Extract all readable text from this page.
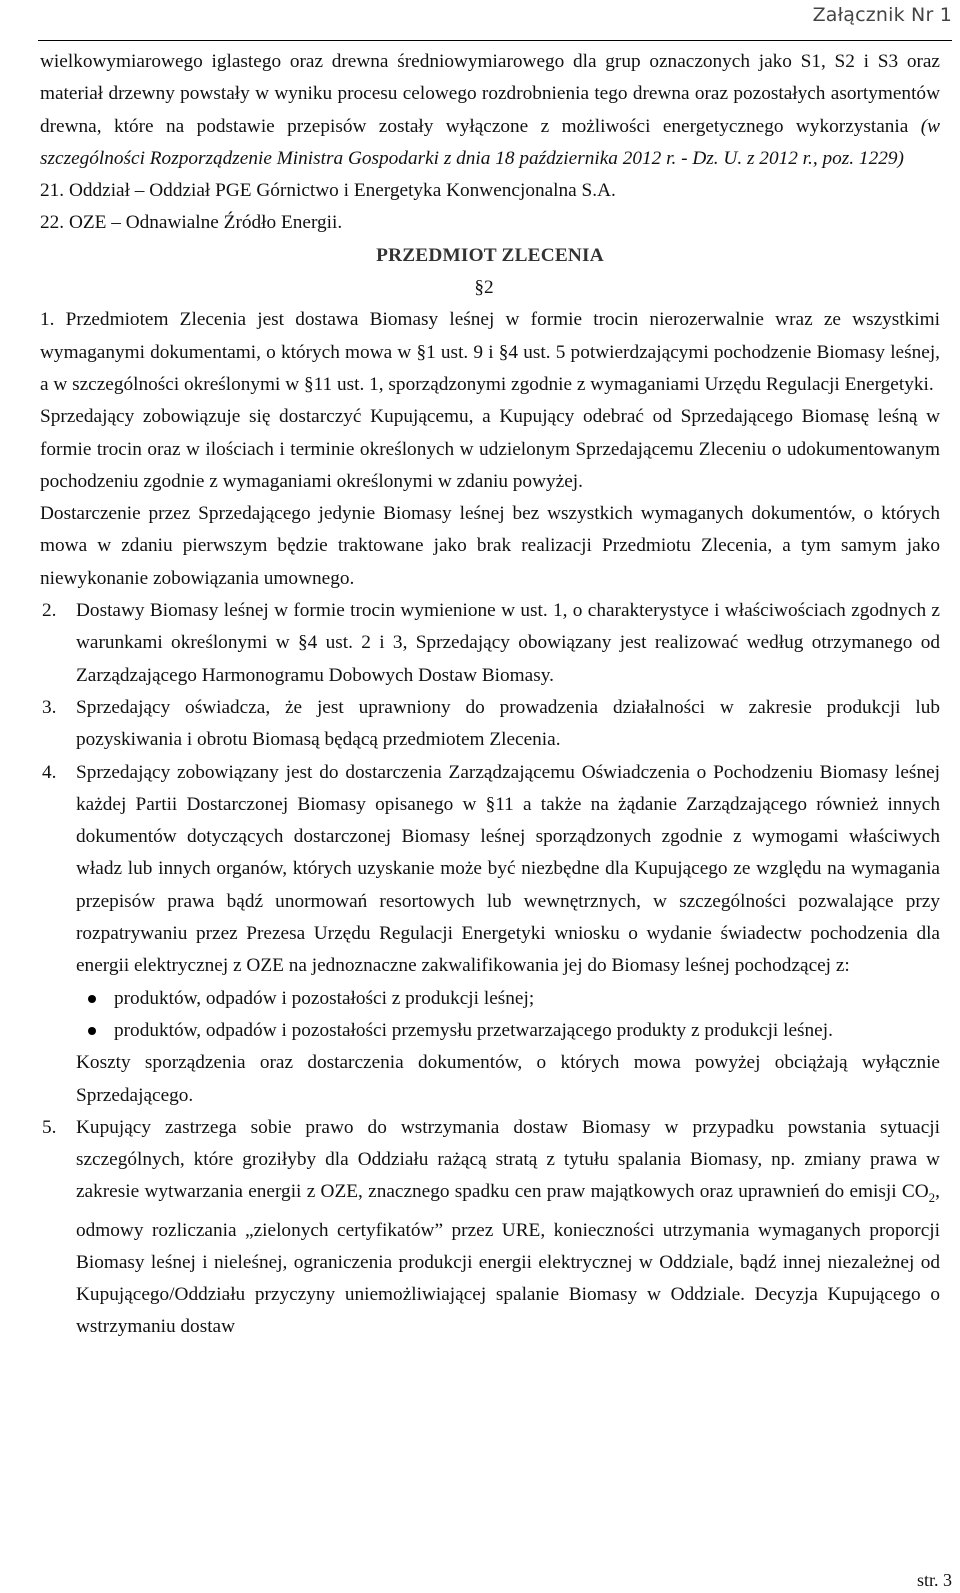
Załącznik Nr 1

wielkowymiarowego iglastego oraz drewna średniowymiarowego dla grup oznaczonych jako S1, S2 i S3 oraz materiał drzewny powstały w wyniku procesu celowego rozdrobnienia tego drewna oraz pozostałych asortymentów drewna, które na podstawie przepisów zostały wyłączone z możliwości energetycznego wykorzystania (w szczególności Rozporządzenie Ministra Gospodarki z dnia 18 października 2012 r. - Dz. U. z 2012 r., poz. 1229)

21. Oddział – Oddział PGE Górnictwo i Energetyka Konwencjonalna S.A.

22. OZE – Odnawialne Źródło Energii.

PRZEDMIOT ZLECENIA
§2

1. Przedmiotem Zlecenia jest dostawa Biomasy leśnej w formie trocin nierozerwalnie wraz ze wszystkimi wymaganymi dokumentami, o których mowa w §1 ust. 9 i §4 ust. 5 potwierdzającymi pochodzenie Biomasy leśnej, a w szczególności określonymi w §11 ust. 1, sporządzonymi zgodnie z wymaganiami Urzędu Regulacji Energetyki.

Sprzedający zobowiązuje się dostarczyć Kupującemu, a Kupujący odebrać od Sprzedającego Biomasę leśną w formie trocin oraz w ilościach i terminie określonych w udzielonym Sprzedającemu Zleceniu o udokumentowanym pochodzeniu zgodnie z wymaganiami określonymi w zdaniu powyżej.

Dostarczenie przez Sprzedającego jedynie Biomasy leśnej bez wszystkich wymaganych dokumentów, o których mowa w zdaniu pierwszym będzie traktowane jako brak realizacji Przedmiotu Zlecenia, a tym samym jako niewykonanie zobowiązania umownego.

2. Dostawy Biomasy leśnej w formie trocin wymienione w ust. 1, o charakterystyce i właściwościach zgodnych z warunkami określonymi w §4 ust. 2 i 3, Sprzedający obowiązany jest realizować według otrzymanego od Zarządzającego Harmonogramu Dobowych Dostaw Biomasy.

3. Sprzedający oświadcza, że jest uprawniony do prowadzenia działalności w zakresie produkcji lub pozyskiwania i obrotu Biomasą będącą przedmiotem Zlecenia.

4. Sprzedający zobowiązany jest do dostarczenia Zarządzającemu Oświadczenia o Pochodzeniu Biomasy leśnej każdej Partii Dostarczonej Biomasy opisanego w §11 a także na żądanie Zarządzającego również innych dokumentów dotyczących dostarczonej Biomasy leśnej sporządzonych zgodnie z wymogami właściwych władz lub innych organów, których uzyskanie może być niezbędne dla Kupującego ze względu na wymagania przepisów prawa bądź unormowań resortowych lub wewnętrznych, w szczególności pozwalające przy rozpatrywaniu przez Prezesa Urzędu Regulacji Energetyki wniosku o wydanie świadectw pochodzenia dla energii elektrycznej z OZE na jednoznaczne zakwalifikowania jej do Biomasy leśnej pochodzącej z:

produktów, odpadów i pozostałości z produkcji leśnej;
produktów, odpadów i pozostałości przemysłu przetwarzającego produkty z produkcji leśnej.

Koszty sporządzenia oraz dostarczenia dokumentów, o których mowa powyżej obciążają wyłącznie Sprzedającego.

5. Kupujący zastrzega sobie prawo do wstrzymania dostaw Biomasy w przypadku powstania sytuacji szczególnych, które groziłyby dla Oddziału rażącą stratą z tytułu spalania Biomasy, np. zmiany prawa w zakresie wytwarzania energii z OZE, znacznego spadku cen praw majątkowych oraz uprawnień do emisji $CO_2$, odmowy rozliczania „zielonych certyfikatów” przez URE, konieczności utrzymania wymaganych proporcji Biomasy leśnej i nieleśnej, ograniczenia produkcji energii elektrycznej w Oddziale, bądź innej niezależnej od Kupującego/Oddziału przyczyny uniemożliwiającej spalanie Biomasy w Oddziale. Decyzja Kupującego o wstrzymaniu dostaw

str. 3
